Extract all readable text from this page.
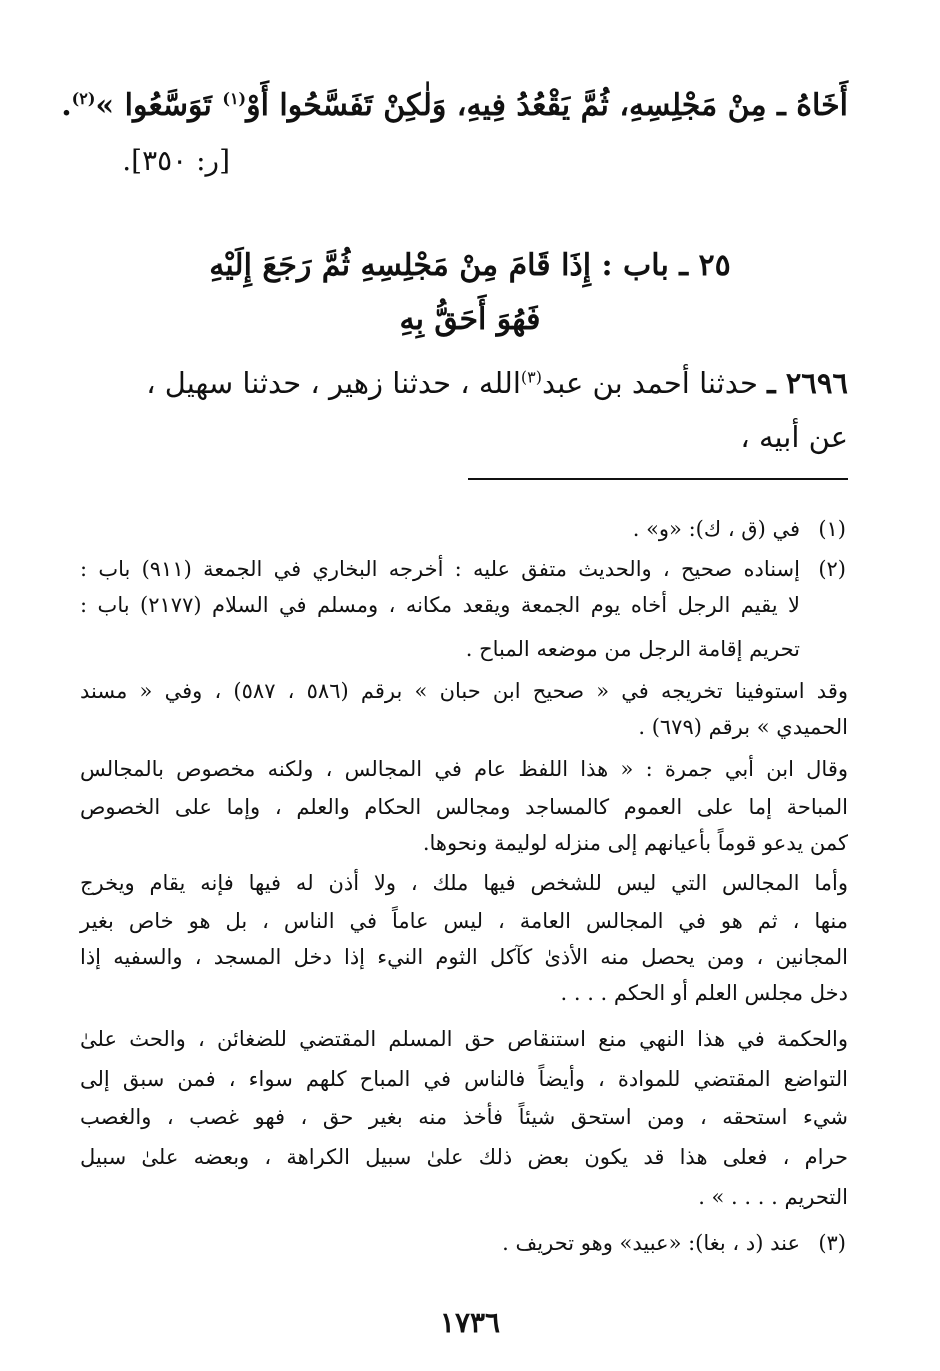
أَخَاهُ ـ مِنْ مَجْلِسِهِ، ثُمَّ يَقْعُدُ فِيهِ، وَلٰكِنْ تَفَسَّحُوا أَوْ$^{(١)}$ تَوَسَّعُوا »$^{(٢)}$.
[ر: ٣٥٠].
٢٥ ـ باب : إِذَا قَامَ مِنْ مَجْلِسِهِ ثُمَّ رَجَعَ إِلَيْهِ
فَهُوَ أَحَقُّ بِهِ
٢٦٩٦ ـ حدثنا أحمد بن عبد$^{(٣)}$الله ، حدثنا زهير ، حدثنا سهيل ،
عن أبيه ،
(١)
في (ق ، ك): «و» .
(٢)
إسناده صحيح ، والحديث متفق عليه : أخرجه البخاري في الجمعة (٩١١) باب :
لا يقيم الرجل أخاه يوم الجمعة ويقعد مكانه ، ومسلم في السلام (٢١٧٧) باب :
تحريم إقامة الرجل من موضعه المباح .
وقد استوفينا تخريجه في « صحيح ابن حبان » برقم (٥٨٦ ، ٥٨٧) ، وفي « مسند
الحميدي » برقم (٦٧٩) .
وقال ابن أبي جمرة : « هذا اللفظ عام في المجالس ، ولكنه مخصوص بالمجالس
المباحة إما على العموم كالمساجد ومجالس الحكام والعلم ، وإما على الخصوص
كمن يدعو قوماً بأعيانهم إلى منزله لوليمة ونحوها.
وأما المجالس التي ليس للشخص فيها ملك ، ولا أذن له فيها فإنه يقام ويخرج
منها ، ثم هو في المجالس العامة ، ليس عاماً في الناس ، بل هو خاص بغير
المجانين ، ومن يحصل منه الأذىٰ كآكل الثوم النيء إذا دخل المسجد ، والسفيه إذا
دخل مجلس العلم أو الحكم . . . .
والحكمة في هذا النهي منع استنقاص حق المسلم المقتضي للضغائن ، والحث علىٰ
التواضع المقتضي للموادة ، وأيضاً فالناس في المباح كلهم سواء ، فمن سبق إلى
شيء استحقه ، ومن استحق شيئاً فأخذ منه بغير حق ، فهو غصب ، والغصب
حرام ، فعلى هذا قد يكون بعض ذلك علىٰ سبيل الكراهة ، وبعضه علىٰ سبيل
التحريم . . . . » .
(٣)
عند (د ، بغا): «عبيد» وهو تحريف .
١٧٣٦
